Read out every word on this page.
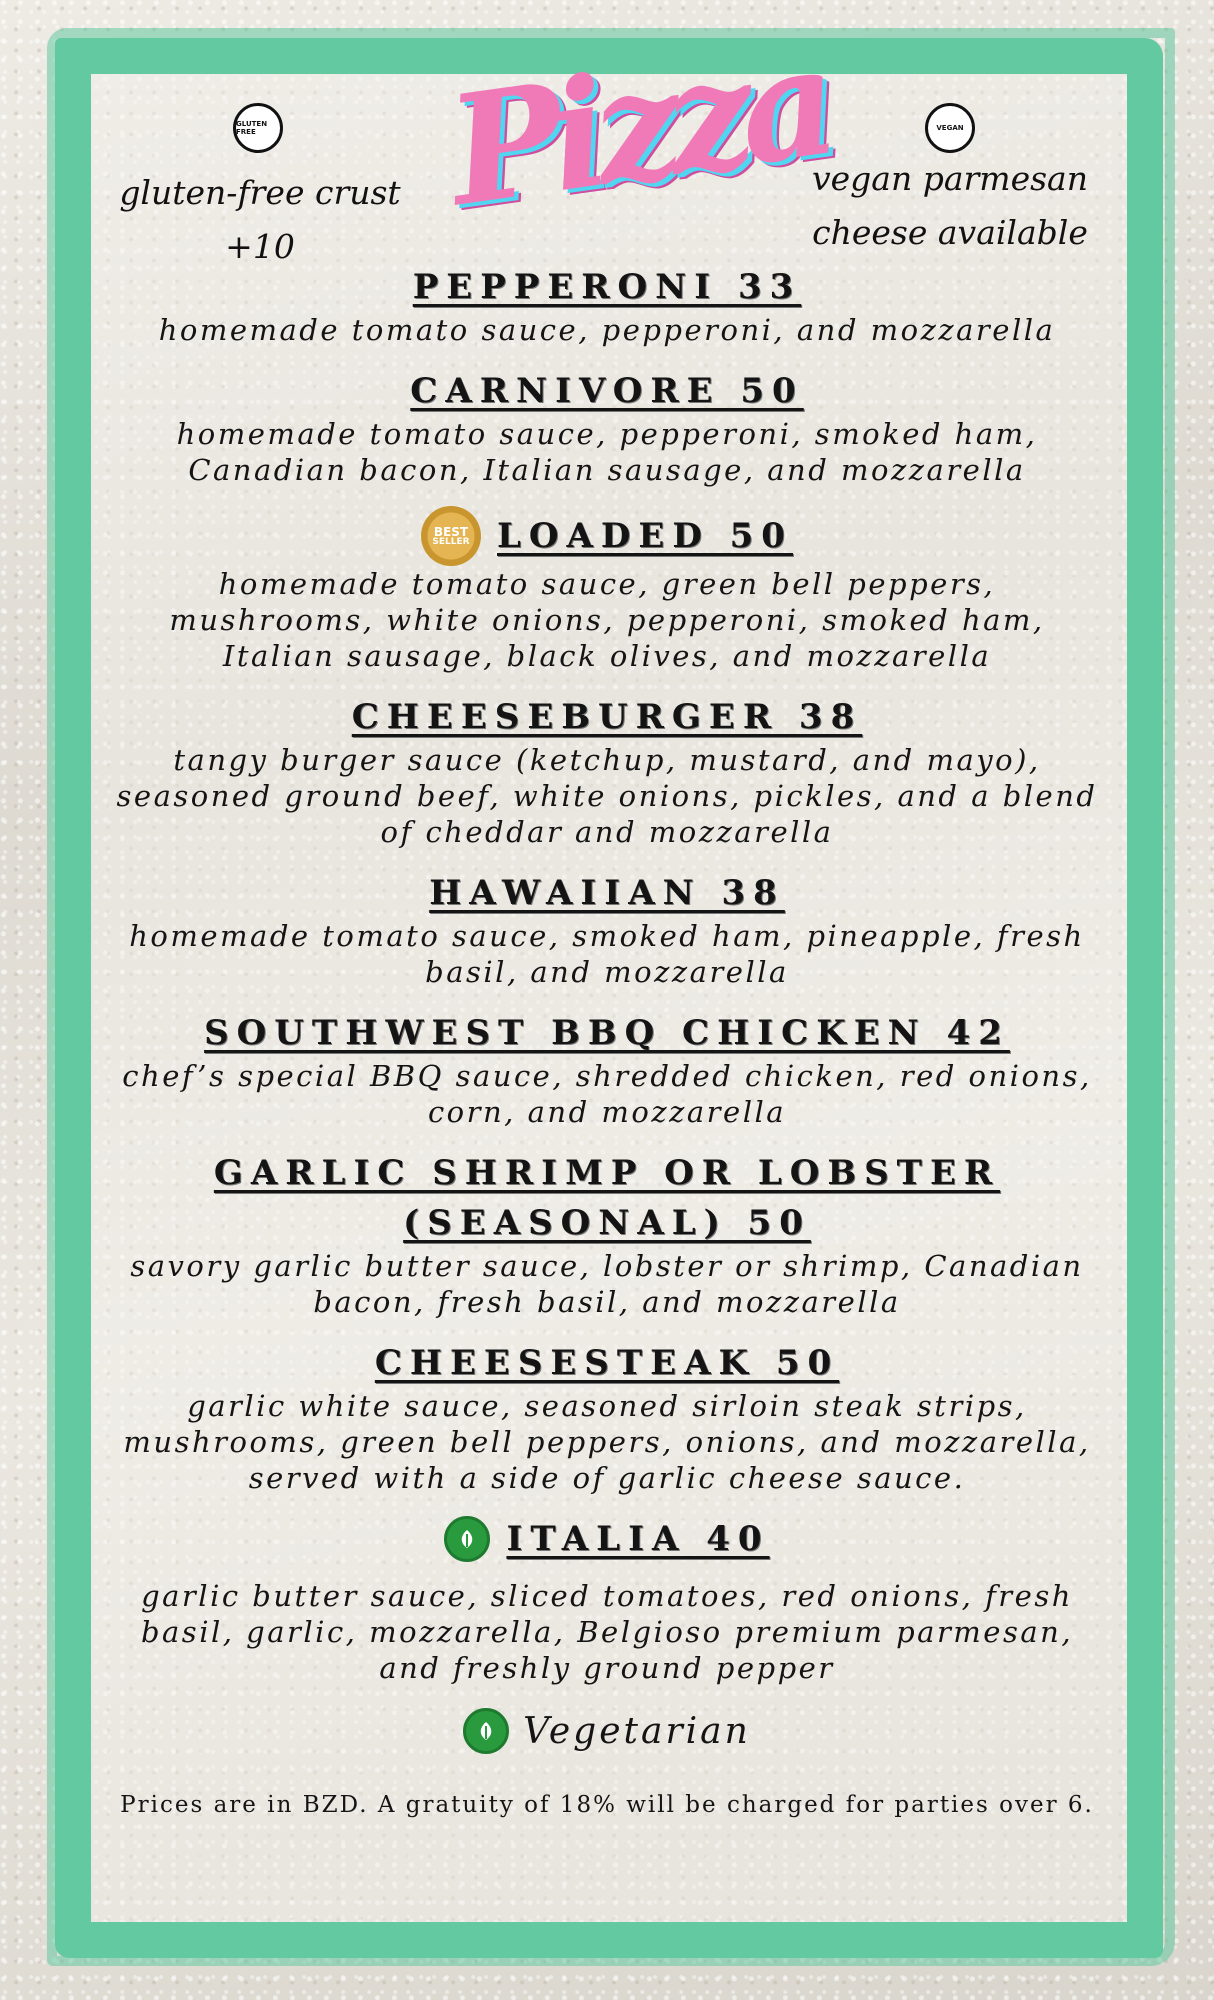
GLUTEN FREE
gluten-free crust +10
Pizza	VEGAN
vegan parmesan
cheese available
PEPPERONI 33

homemade tomato sauce, pepperoni, and mozzarella

CARNIVORE 50

homemade tomato sauce, pepperoni, smoked ham, Canadian bacon, Italian sausage, and mozzarella

BEST
SELLER LOADED 50

homemade tomato sauce, green bell peppers, mushrooms, white onions, pepperoni, smoked ham, Italian sausage, black olives, and mozzarella

CHEESEBURGER 38

tangy burger sauce (ketchup, mustard, and mayo), seasoned ground beef, white onions, pickles, and a blend of cheddar and mozzarella

HAWAIIAN 38

homemade tomato sauce, smoked ham, pineapple, fresh basil, and mozzarella

SOUTHWEST BBQ CHICKEN 42

chef’s special BBQ sauce, shredded chicken, red onions, corn, and mozzarella

GARLIC SHRIMP OR LOBSTER (SEASONAL) 50

savory garlic butter sauce, lobster or shrimp, Canadian bacon, fresh basil, and mozzarella

CHEESESTEAK 50

garlic white sauce, seasoned sirloin steak strips, mushrooms, green bell peppers, onions, and mozzarella, served with a side of garlic cheese sauce.

ITALIA 40

garlic butter sauce, sliced tomatoes, red onions, fresh basil, garlic, mozzarella, Belgioso premium parmesan, and freshly ground pepper

Vegetarian
Prices are in BZD. A gratuity of 18% will be charged for parties over 6.
